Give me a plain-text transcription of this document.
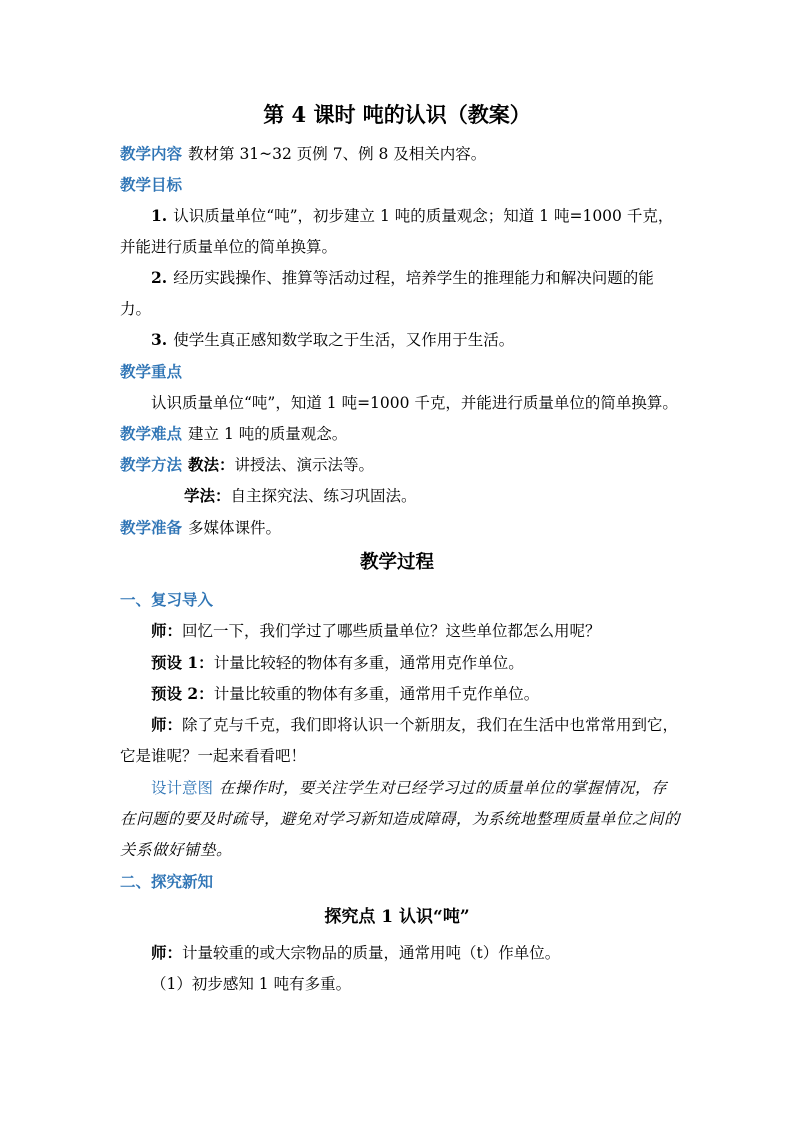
第 4 课时 吨的认识（教案）

教学内容 教材第 31~32 页例 7、例 8 及相关内容。

教学目标

1. 认识质量单位“吨”，初步建立 1 吨的质量观念；知道 1 吨=1000 千克，

并能进行质量单位的简单换算。

2. 经历实践操作、推算等活动过程，培养学生的推理能力和解决问题的能

力。

3. 使学生真正感知数学取之于生活，又作用于生活。

教学重点

认识质量单位“吨”，知道 1 吨=1000 千克，并能进行质量单位的简单换算。

教学难点 建立 1 吨的质量观念。

教学方法 教法：讲授法、演示法等。

学法：自主探究法、练习巩固法。

教学准备 多媒体课件。

教学过程

一、复习导入

师：回忆一下，我们学过了哪些质量单位？这些单位都怎么用呢？

预设 1：计量比较轻的物体有多重，通常用克作单位。

预设 2：计量比较重的物体有多重，通常用千克作单位。

师：除了克与千克，我们即将认识一个新朋友，我们在生活中也常常用到它，

它是谁呢？一起来看看吧！

设计意图 在操作时，要关注学生对已经学习过的质量单位的掌握情况，存

在问题的要及时疏导，避免对学习新知造成障碍，为系统地整理质量单位之间的

关系做好铺垫。

二、探究新知

探究点 1 认识“吨”

师：计量较重的或大宗物品的质量，通常用吨（t）作单位。

（1）初步感知 1 吨有多重。
